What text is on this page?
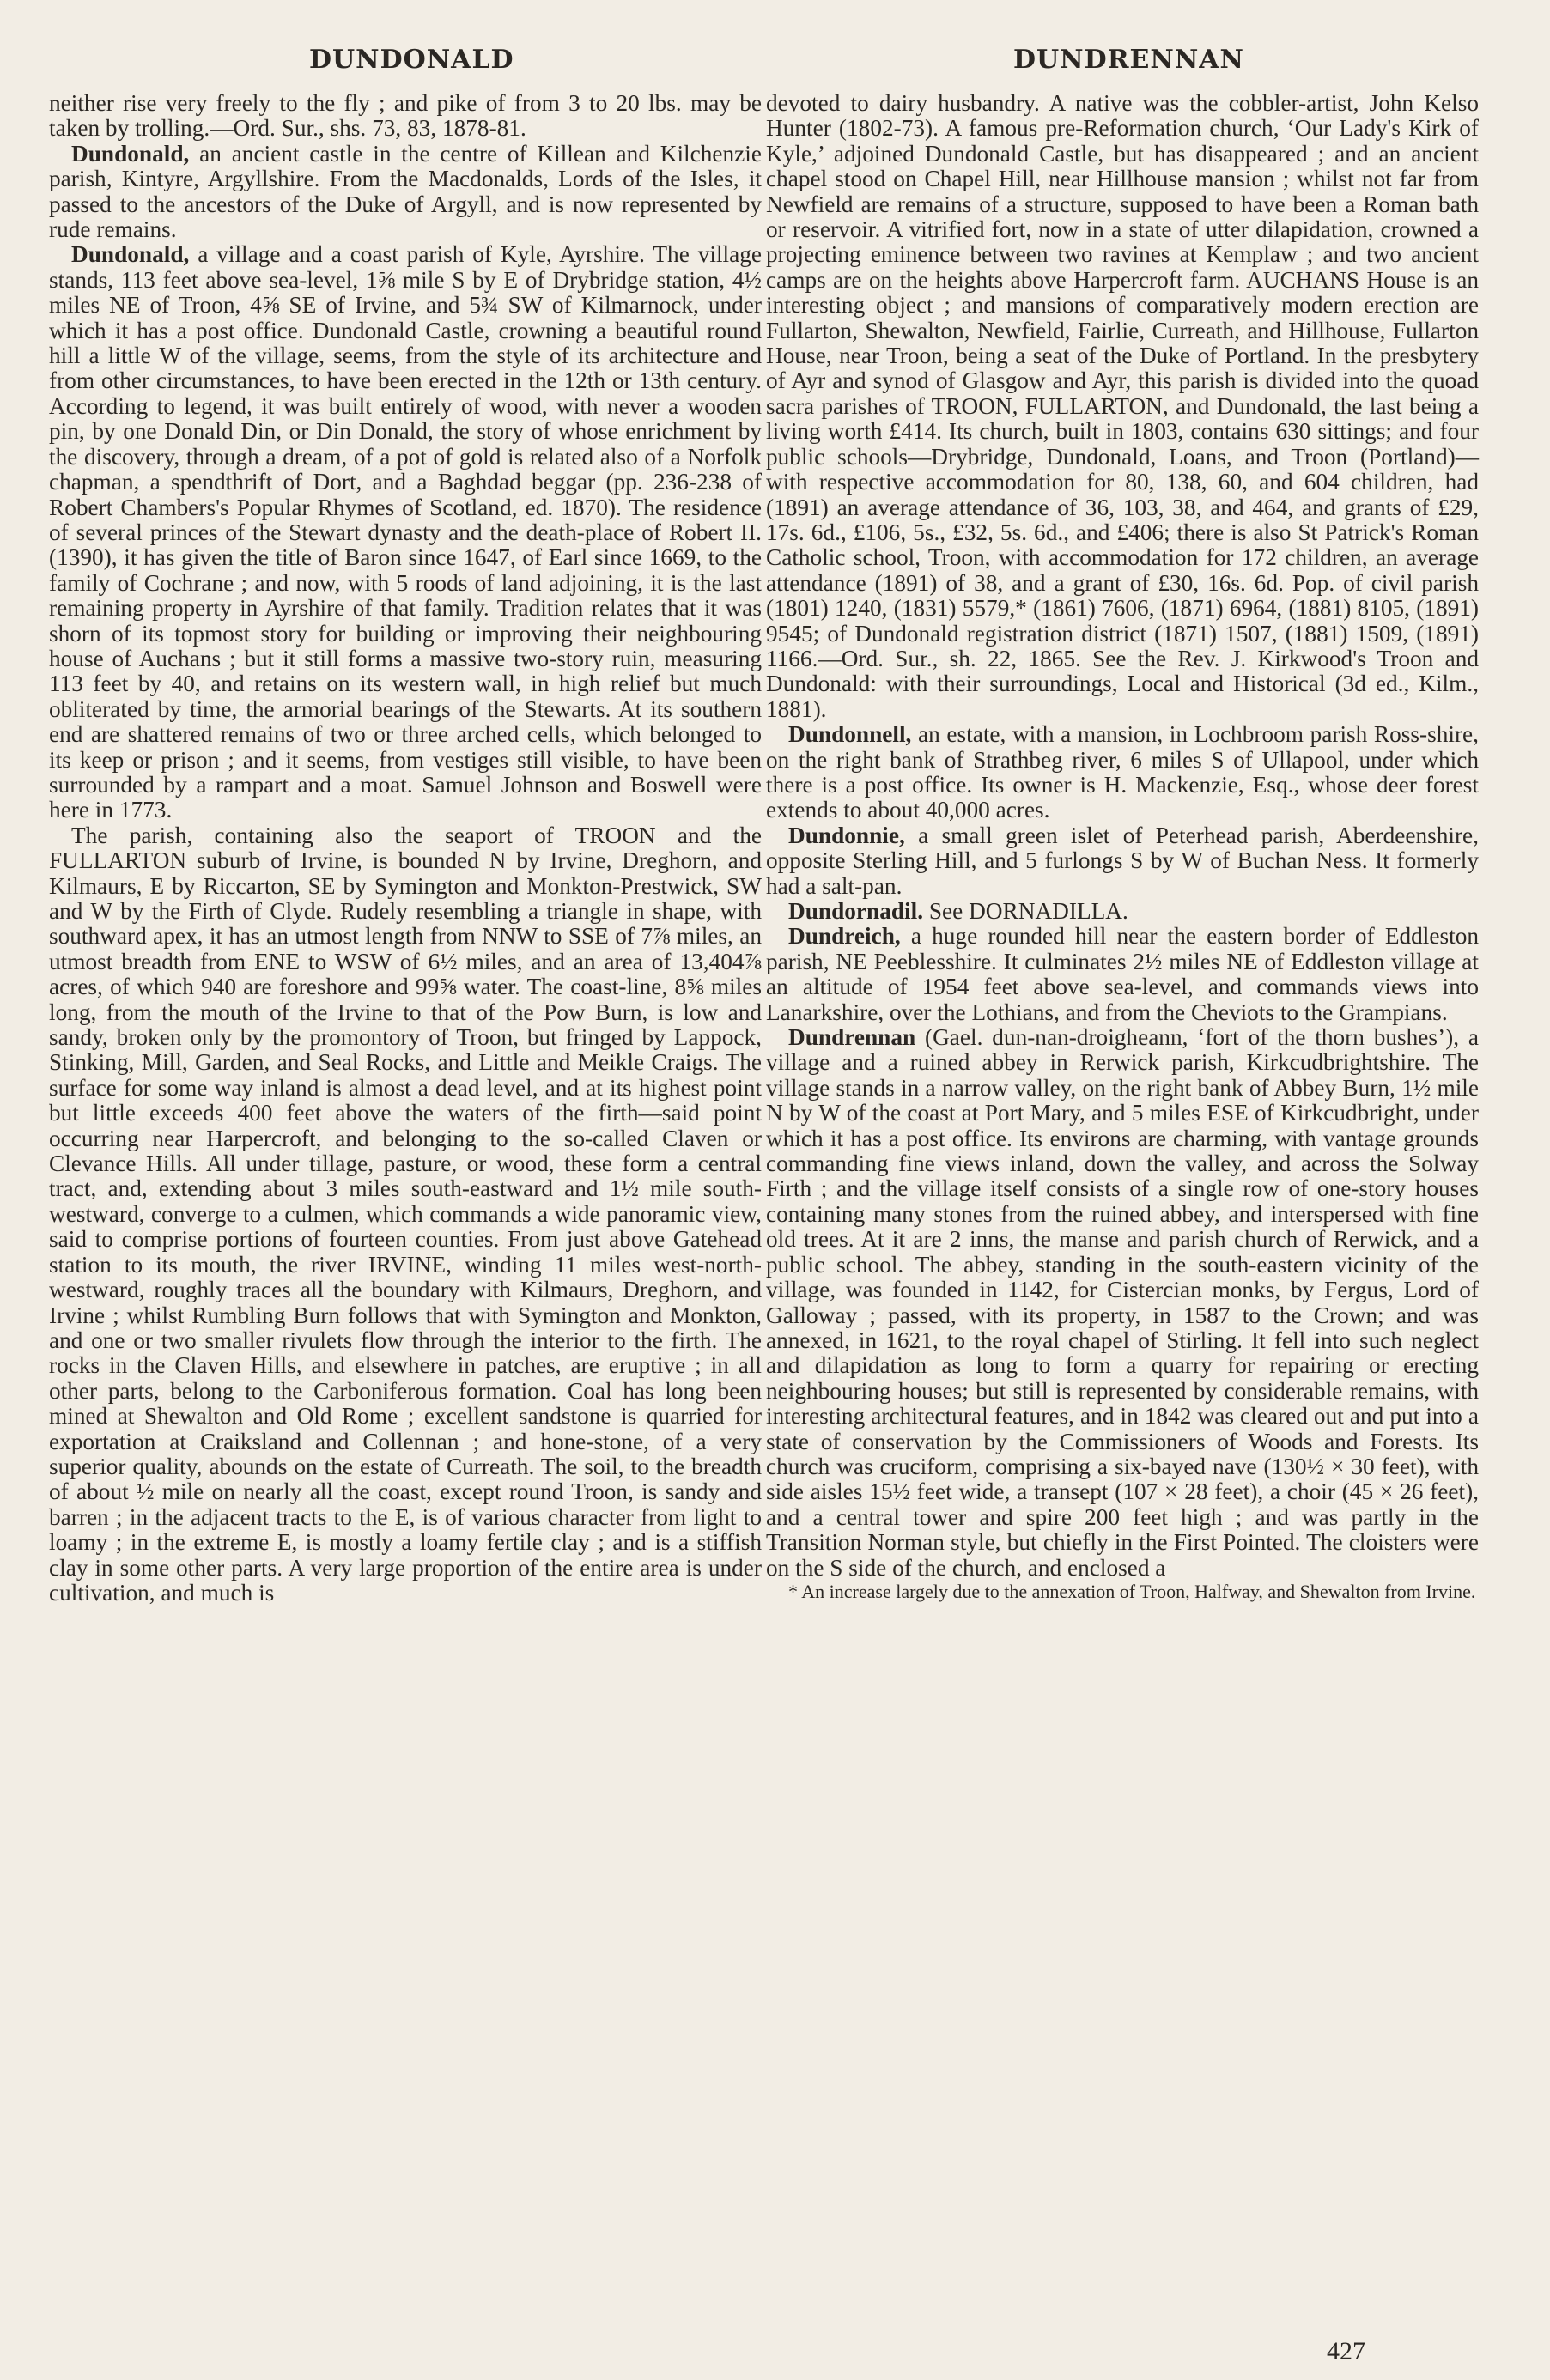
DUNDONALD	DUNDRENNAN

neither rise very freely to the fly ; and pike of from 3 to 20 lbs. may be taken by trolling.—Ord. Sur., shs. 73, 83, 1878-81.

Dundonald, an ancient castle in the centre of Killean and Kilchenzie parish, Kintyre, Argyllshire. From the Macdonalds, Lords of the Isles, it passed to the ancestors of the Duke of Argyll, and is now represented by rude remains.

Dundonald, a village and a coast parish of Kyle, Ayrshire. The village stands, 113 feet above sea-level, 1⅝ mile S by E of Drybridge station, 4½ miles NE of Troon, 4⅝ SE of Irvine, and 5¾ SW of Kilmarnock, under which it has a post office. Dundonald Castle, crowning a beautiful round hill a little W of the village, seems, from the style of its architecture and from other circumstances, to have been erected in the 12th or 13th century. According to legend, it was built entirely of wood, with never a wooden pin, by one Donald Din, or Din Donald, the story of whose enrichment by the discovery, through a dream, of a pot of gold is related also of a Norfolk chapman, a spendthrift of Dort, and a Baghdad beggar (pp. 236-238 of Robert Chambers's Popular Rhymes of Scotland, ed. 1870). The residence of several princes of the Stewart dynasty and the death-place of Robert II. (1390), it has given the title of Baron since 1647, of Earl since 1669, to the family of Cochrane ; and now, with 5 roods of land adjoining, it is the last remaining property in Ayrshire of that family. Tradition relates that it was shorn of its topmost story for building or improving their neighbouring house of Auchans ; but it still forms a massive two-story ruin, measuring 113 feet by 40, and retains on its western wall, in high relief but much obliterated by time, the armorial bearings of the Stewarts. At its southern end are shattered remains of two or three arched cells, which belonged to its keep or prison ; and it seems, from vestiges still visible, to have been surrounded by a rampart and a moat. Samuel Johnson and Boswell were here in 1773.

The parish, containing also the seaport of TROON and the FULLARTON suburb of Irvine, is bounded N by Irvine, Dreghorn, and Kilmaurs, E by Riccarton, SE by Symington and Monkton-Prestwick, SW and W by the Firth of Clyde. Rudely resembling a triangle in shape, with southward apex, it has an utmost length from NNW to SSE of 7⅞ miles, an utmost breadth from ENE to WSW of 6½ miles, and an area of 13,404⅞ acres, of which 940 are foreshore and 99⅝ water. The coast-line, 8⅝ miles long, from the mouth of the Irvine to that of the Pow Burn, is low and sandy, broken only by the promontory of Troon, but fringed by Lappock, Stinking, Mill, Garden, and Seal Rocks, and Little and Meikle Craigs. The surface for some way inland is almost a dead level, and at its highest point but little exceeds 400 feet above the waters of the firth—said point occurring near Harpercroft, and belonging to the so-called Claven or Clevance Hills. All under tillage, pasture, or wood, these form a central tract, and, extending about 3 miles south-eastward and 1½ mile south-westward, converge to a culmen, which commands a wide panoramic view, said to comprise portions of fourteen counties. From just above Gatehead station to its mouth, the river IRVINE, winding 11 miles west-north-westward, roughly traces all the boundary with Kilmaurs, Dreghorn, and Irvine ; whilst Rumbling Burn follows that with Symington and Monkton, and one or two smaller rivulets flow through the interior to the firth. The rocks in the Claven Hills, and elsewhere in patches, are eruptive ; in all other parts, belong to the Carboniferous formation. Coal has long been mined at Shewalton and Old Rome ; excellent sandstone is quarried for exportation at Craiksland and Collennan ; and hone-stone, of a very superior quality, abounds on the estate of Curreath. The soil, to the breadth of about ½ mile on nearly all the coast, except round Troon, is sandy and barren ; in the adjacent tracts to the E, is of various character from light to loamy ; in the extreme E, is mostly a loamy fertile clay ; and is a stiffish clay in some other parts. A very large proportion of the entire area is under cultivation, and much is

devoted to dairy husbandry. A native was the cobbler-artist, John Kelso Hunter (1802-73). A famous pre-Reformation church, ‘Our Lady's Kirk of Kyle,’ adjoined Dundonald Castle, but has disappeared ; and an ancient chapel stood on Chapel Hill, near Hillhouse mansion ; whilst not far from Newfield are remains of a structure, supposed to have been a Roman bath or reservoir. A vitrified fort, now in a state of utter dilapidation, crowned a projecting eminence between two ravines at Kemplaw ; and two ancient camps are on the heights above Harpercroft farm. AUCHANS House is an interesting object ; and mansions of comparatively modern erection are Fullarton, Shewalton, Newfield, Fairlie, Curreath, and Hillhouse, Fullarton House, near Troon, being a seat of the Duke of Portland. In the presbytery of Ayr and synod of Glasgow and Ayr, this parish is divided into the quoad sacra parishes of TROON, FULLARTON, and Dundonald, the last being a living worth £414. Its church, built in 1803, contains 630 sittings; and four public schools—Drybridge, Dundonald, Loans, and Troon (Portland)—with respective accommodation for 80, 138, 60, and 604 children, had (1891) an average attendance of 36, 103, 38, and 464, and grants of £29, 17s. 6d., £106, 5s., £32, 5s. 6d., and £406; there is also St Patrick's Roman Catholic school, Troon, with accommodation for 172 children, an average attendance (1891) of 38, and a grant of £30, 16s. 6d. Pop. of civil parish (1801) 1240, (1831) 5579,* (1861) 7606, (1871) 6964, (1881) 8105, (1891) 9545; of Dundonald registration district (1871) 1507, (1881) 1509, (1891) 1166.—Ord. Sur., sh. 22, 1865. See the Rev. J. Kirkwood's Troon and Dundonald: with their surroundings, Local and Historical (3d ed., Kilm., 1881).

Dundonnell, an estate, with a mansion, in Lochbroom parish Ross-shire, on the right bank of Strathbeg river, 6 miles S of Ullapool, under which there is a post office. Its owner is H. Mackenzie, Esq., whose deer forest extends to about 40,000 acres.

Dundonnie, a small green islet of Peterhead parish, Aberdeenshire, opposite Sterling Hill, and 5 furlongs S by W of Buchan Ness. It formerly had a salt-pan.

Dundornadil. See DORNADILLA.

Dundreich, a huge rounded hill near the eastern border of Eddleston parish, NE Peeblesshire. It culminates 2½ miles NE of Eddleston village at an altitude of 1954 feet above sea-level, and commands views into Lanarkshire, over the Lothians, and from the Cheviots to the Grampians.

Dundrennan (Gael. dun-nan-droigheann, ‘fort of the thorn bushes’), a village and a ruined abbey in Rerwick parish, Kirkcudbrightshire. The village stands in a narrow valley, on the right bank of Abbey Burn, 1½ mile N by W of the coast at Port Mary, and 5 miles ESE of Kirkcudbright, under which it has a post office. Its environs are charming, with vantage grounds commanding fine views inland, down the valley, and across the Solway Firth ; and the village itself consists of a single row of one-story houses containing many stones from the ruined abbey, and interspersed with fine old trees. At it are 2 inns, the manse and parish church of Rerwick, and a public school. The abbey, standing in the south-eastern vicinity of the village, was founded in 1142, for Cistercian monks, by Fergus, Lord of Galloway ; passed, with its property, in 1587 to the Crown; and was annexed, in 1621, to the royal chapel of Stirling. It fell into such neglect and dilapidation as long to form a quarry for repairing or erecting neighbouring houses; but still is represented by considerable remains, with interesting architectural features, and in 1842 was cleared out and put into a state of conservation by the Commissioners of Woods and Forests. Its church was cruciform, comprising a six-bayed nave (130½ × 30 feet), with side aisles 15½ feet wide, a transept (107 × 28 feet), a choir (45 × 26 feet), and a central tower and spire 200 feet high ; and was partly in the Transition Norman style, but chiefly in the First Pointed. The cloisters were on the S side of the church, and enclosed a

* An increase largely due to the annexation of Troon, Halfway, and Shewalton from Irvine.

427
